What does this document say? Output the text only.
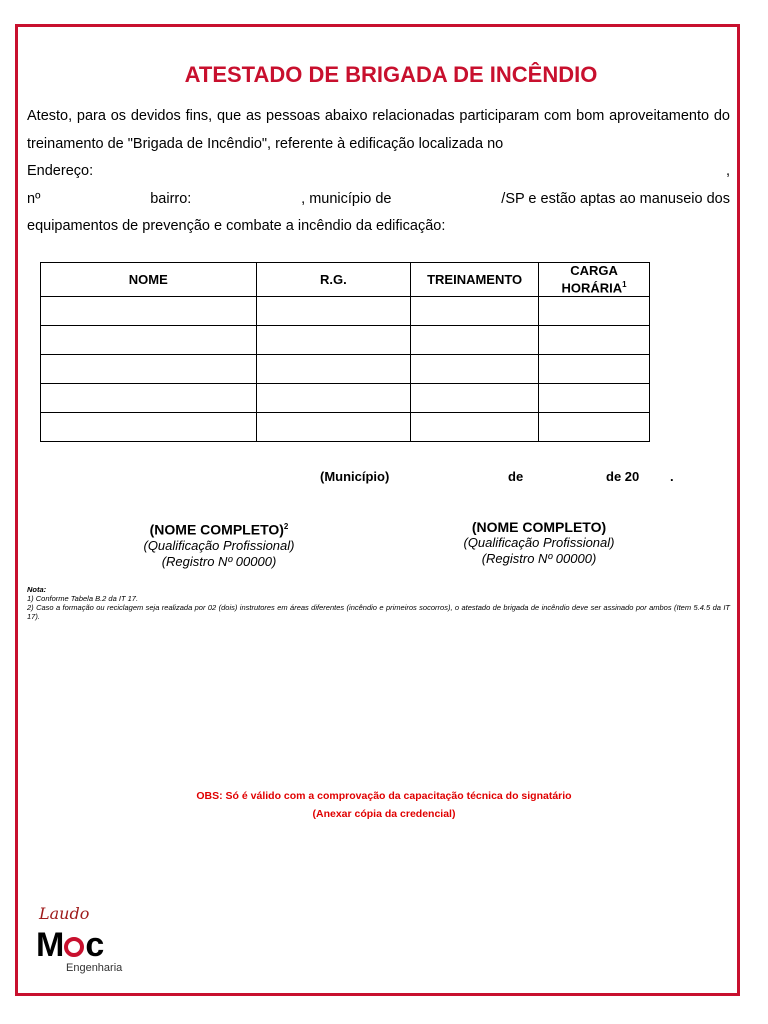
ATESTADO DE BRIGADA DE INCÊNDIO

Atesto, para os devidos fins, que as pessoas abaixo relacionadas participaram com bom aproveitamento do treinamento de "Brigada de Incêndio", referente à edificação localizada no

Endereço:	,
nº	bairro:	, município de	/SP e estão aptas ao manuseio dos

equipamentos de prevenção e combate a incêndio da edificação:

NOME	R.G.	TREINAMENTO	CARGA
HORÁRIA$^1$

(Município)	de	de 20 .
(NOME COMPLETO)$^2$
(Qualificação Profissional)
(Registro Nº 00000)
(NOME COMPLETO)
(Qualificação Profissional)
(Registro Nº 00000)
Nota:
1) Conforme Tabela B.2 da IT 17.
2) Caso a formação ou reciclagem seja realizada por 02 (dois) instrutores em áreas diferentes (incêndio e primeiros socorros), o atestado de brigada de incêndio deve ser assinado por ambos (Item 5.4.5 da IT 17).
OBS: Só é válido com a comprovação da capacitação técnica do signatário
(Anexar cópia da credencial)
Laudo
M c
Engenharia
